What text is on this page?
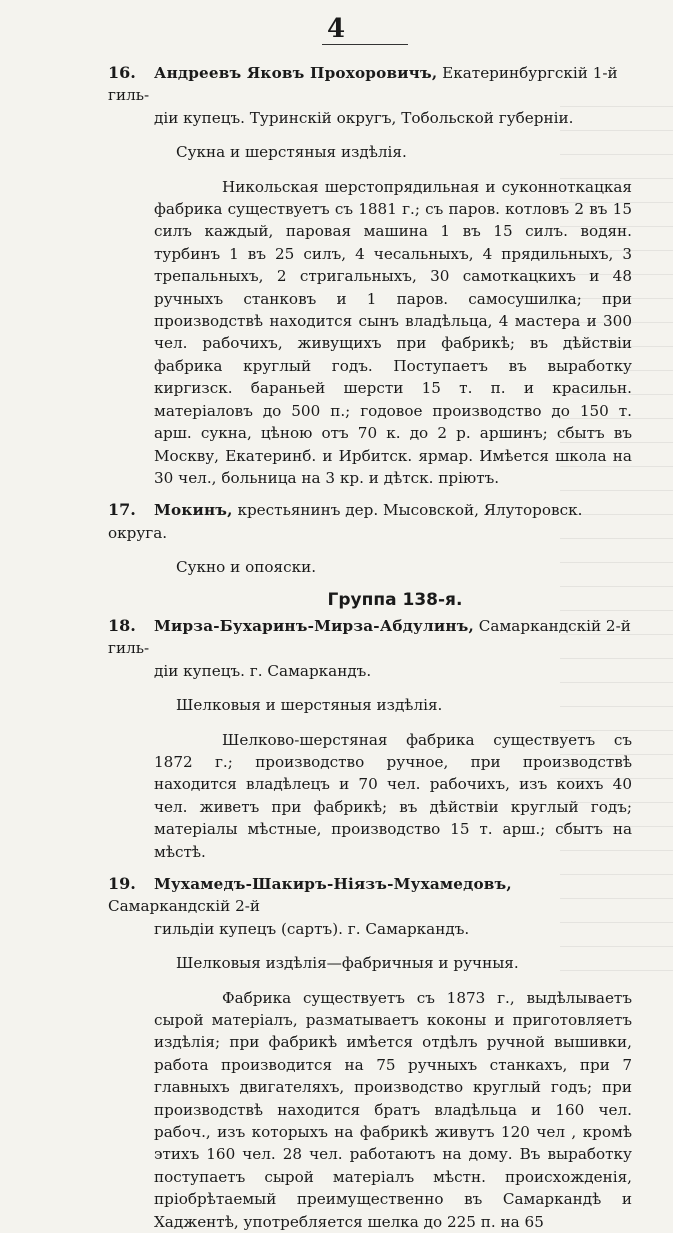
4
16. Андреевъ Яковъ Прохоровичъ, Екатеринбургскій 1-й гиль-
діи купецъ. Туринскій округъ, Тобольской губерніи.

Сукна и шерстяныя издѣлія.

Никольская шерстопрядильная и суконноткацкая фабрика существуетъ съ 1881 г.; съ паров. котловъ 2 въ 15 силъ каждый, паровая машина 1 въ 15 силъ. водян. турбинъ 1 въ 25 силъ, 4 чесальныхъ, 4 прядильныхъ, 3 трепальныхъ, 2 стригальныхъ, 30 самоткацкихъ и 48 ручныхъ станковъ и 1 паров. самосушилка; при производствѣ находится сынъ владѣльца, 4 мастера и 300 чел. рабочихъ, живущихъ при фабрикѣ; въ дѣйствіи фабрика круглый годъ. Поступаетъ въ выработку киргизск. бараньей шерсти 15 т. п. и красильн. матеріаловъ до 500 п.; годовое производство до 150 т. арш. сукна, цѣною отъ 70 к. до 2 р. аршинъ; сбытъ въ Москву, Екатеринб. и Ирбитск. ярмар. Имѣется школа на 30 чел., больница на 3 кр. и дѣтск. пріютъ.

17. Мокинъ, крестьянинъ дер. Мысовской, Ялуторовск. округа.

Сукно и опояски.

Группа 138-я.
18. Мирза-Бухаринъ-Мирза-Абдулинъ, Самаркандскій 2-й гиль-
діи купецъ. г. Самаркандъ.

Шелковыя и шерстяныя издѣлія.

Шелково-шерстяная фабрика существуетъ съ 1872 г.; производство ручное, при производствѣ находится владѣлецъ и 70 чел. рабочихъ, изъ коихъ 40 чел. живетъ при фабрикѣ; въ дѣйствіи круглый годъ; матеріалы мѣстные, производство 15 т. арш.; сбытъ на мѣстѣ.

19. Мухамедъ-Шакиръ-Ніязъ-Мухамедовъ, Самаркандскій 2-й
гильдіи купецъ (сартъ). г. Самаркандъ.

Шелковыя издѣлія—фабричныя и ручныя.

Фабрика существуетъ съ 1873 г., выдѣлываетъ сырой матеріалъ, разматываетъ коконы и приготовляетъ издѣлія; при фабрикѣ имѣется отдѣлъ ручной вышивки, работа производится на 75 ручныхъ станкахъ, при 7 главныхъ двигателяхъ, производство круглый годъ; при производствѣ находится братъ владѣльца и 160 чел. рабоч., изъ которыхъ на фабрикѣ живутъ 120 чел , кромѣ этихъ 160 чел. 28 чел. работаютъ на дому. Въ выработку поступаетъ сырой матеріалъ мѣстн. происхожденія, пріобрѣтаемый преимущественно въ Самаркандѣ и Хаджентѣ, употребляется шелка до 225 п. на 65
